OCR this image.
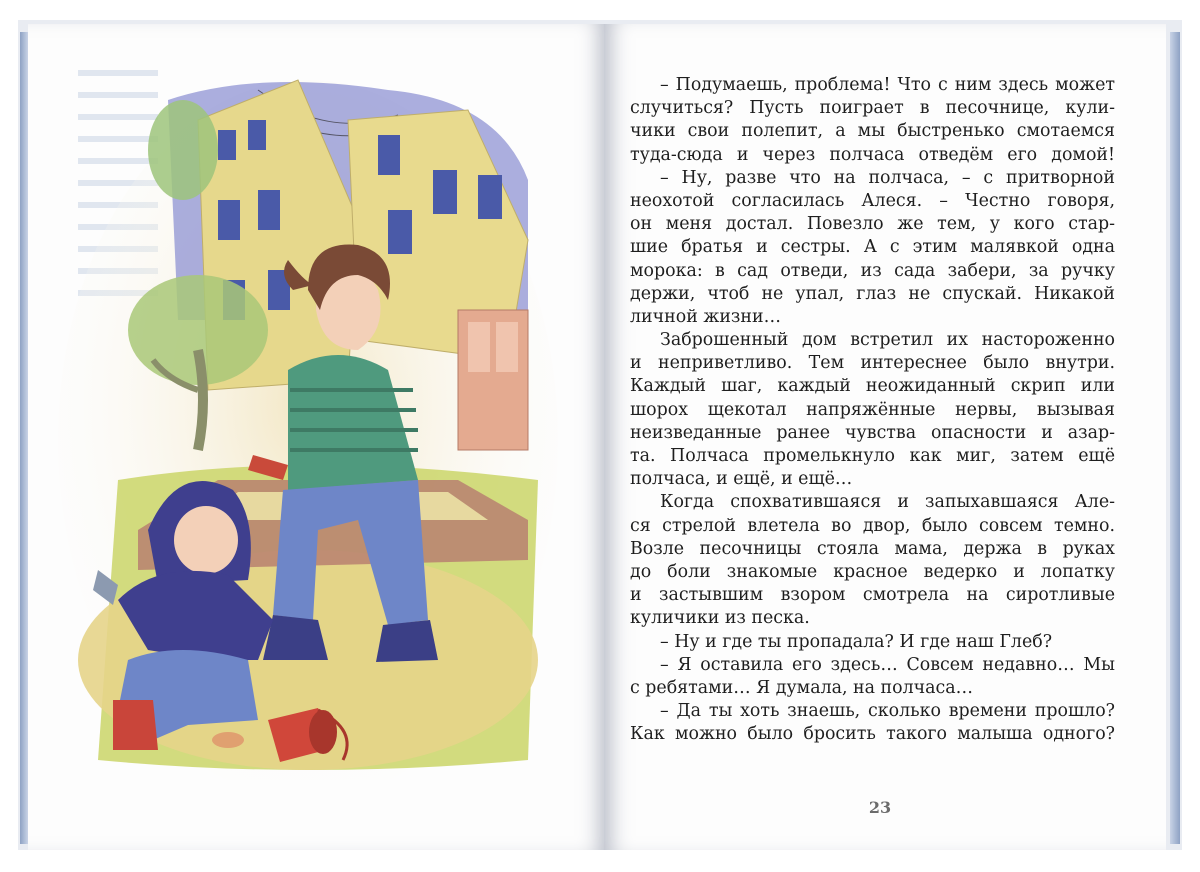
– Подумаешь, проблема! Что с ним здесь может
случиться? Пусть поиграет в песочнице, кули-
чики свои полепит, а мы быстренько смотаемся
туда-сюда и через полчаса отведём его домой!
– Ну, разве что на полчаса, – с притворной
неохотой согласилась Алеся. – Честно говоря,
он меня достал. Повезло же тем, у кого стар-
шие братья и сестры. А с этим малявкой одна
морока: в сад отведи, из сада забери, за ручку
держи, чтоб не упал, глаз не спускай. Никакой
личной жизни…
Заброшенный дом встретил их настороженно
и неприветливо. Тем интереснее было внутри.
Каждый шаг, каждый неожиданный скрип или
шорох щекотал напряжённые нервы, вызывая
неизведанные ранее чувства опасности и азар-
та. Полчаса промелькнуло как миг, затем ещё
полчаса, и ещё, и ещё…
Когда спохватившаяся и запыхавшаяся Але-
ся стрелой влетела во двор, было совсем темно.
Возле песочницы стояла мама, держа в руках
до боли знакомые красное ведерко и лопатку
и застывшим взором смотрела на сиротливые
куличики из песка.
– Ну и где ты пропадала? И где наш Глеб?
– Я оставила его здесь… Совсем недавно… Мы
с ребятами… Я думала, на полчаса…
– Да ты хоть знаешь, сколько времени прошло?
Как можно было бросить такого малыша одного?
23
